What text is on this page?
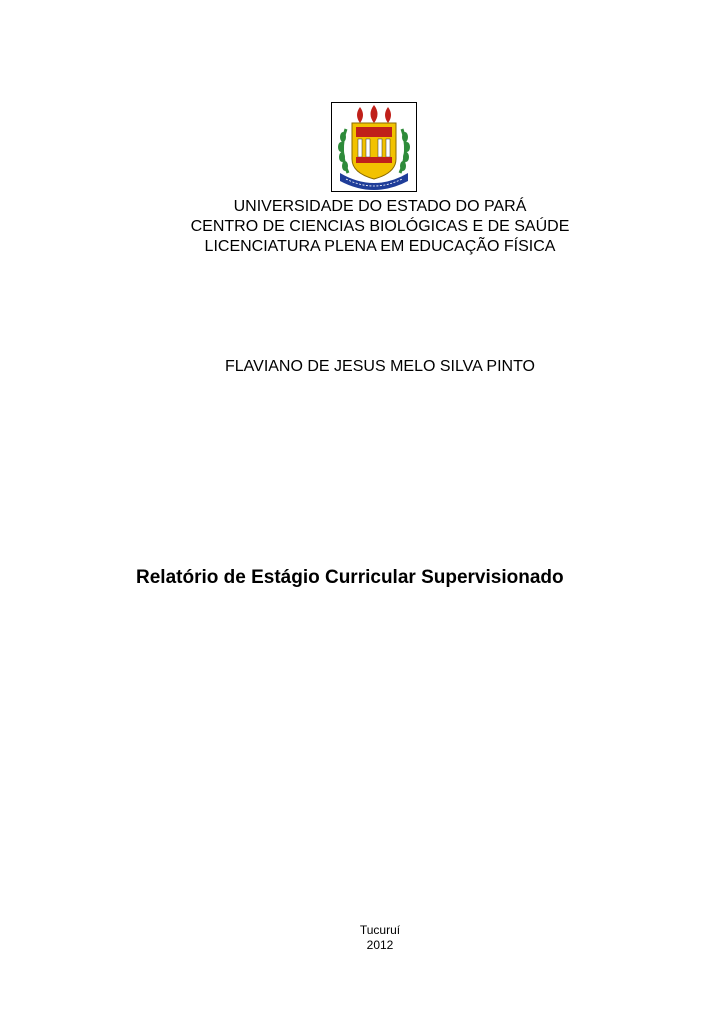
UNIVERSIDADE DO ESTADO DO PARÁ
CENTRO DE CIENCIAS BIOLÓGICAS E DE SAÚDE
LICENCIATURA PLENA EM EDUCAÇÃO FÍSICA
FLAVIANO DE JESUS MELO SILVA PINTO
Relatório de Estágio Curricular Supervisionado
Tucuruí
2012
